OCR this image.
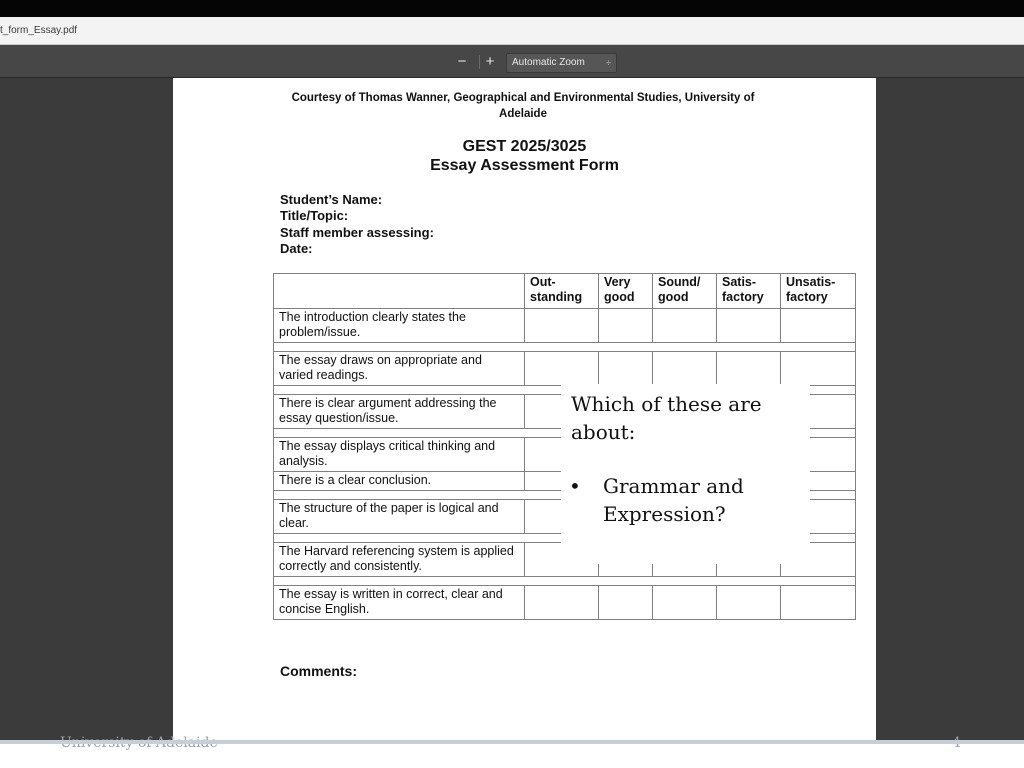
t_form_Essay.pdf
−	+	Automatic Zoom ÷
Courtesy of Thomas Wanner, Geographical and Environmental Studies, University of Adelaide
GEST 2025/3025
Essay Assessment Form
Student’s Name:
Title/Topic:
Staff member assessing:
Date:
	Out-standing	Very good	Sound/ good	Satis-factory	Unsatis-factory
The introduction clearly states the problem/issue.					

The essay draws on appropriate and varied readings.					

There is clear argument addressing the essay question/issue.					

The essay displays critical thinking and analysis.					
There is a clear conclusion.					

The structure of the paper is logical and clear.					

The Harvard referencing system is applied correctly and consistently.					

The essay is written in correct, clear and concise English.					
Comments:
Which of these are about:
• Grammar and Expression?
